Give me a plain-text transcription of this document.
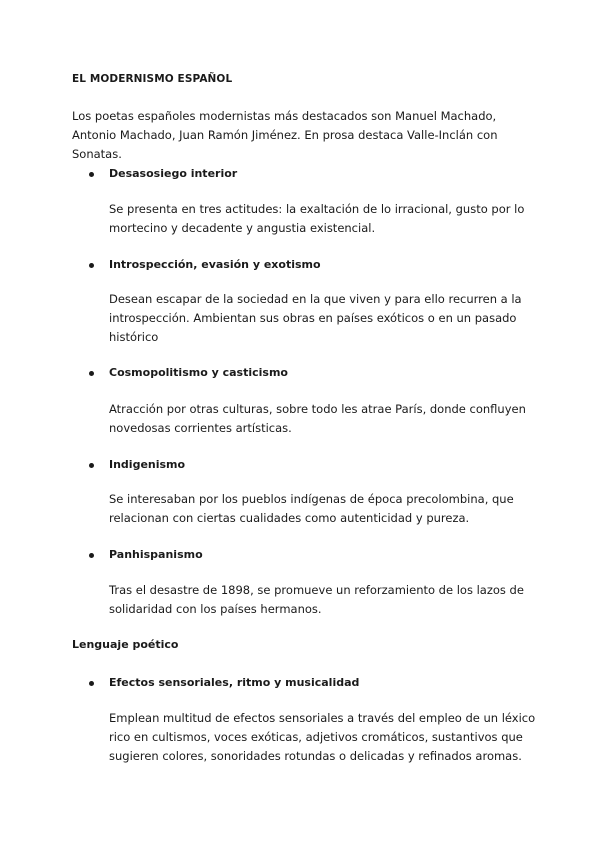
EL MODERNISMO ESPAÑOL
Los poetas españoles modernistas más destacados son Manuel Machado, Antonio Machado, Juan Ramón Jiménez. En prosa destaca Valle-Inclán con Sonatas.
Desasosiego interior
Se presenta en tres actitudes: la exaltación de lo irracional, gusto por lo mortecino y decadente y angustia existencial.
Introspección, evasión y exotismo
Desean escapar de la sociedad en la que viven y para ello recurren a la introspección. Ambientan sus obras en países exóticos o en un pasado histórico
Cosmopolitismo y casticismo
Atracción por otras culturas, sobre todo les atrae París, donde confluyen novedosas corrientes artísticas.
Indigenismo
Se interesaban por los pueblos indígenas de época precolombina, que relacionan con ciertas cualidades como autenticidad y pureza.
Panhispanismo
Tras el desastre de 1898, se promueve un reforzamiento de los lazos de solidaridad con los países hermanos.
Lenguaje poético
Efectos sensoriales, ritmo y musicalidad
Emplean multitud de efectos sensoriales a través del empleo de un léxico rico en cultismos, voces exóticas, adjetivos cromáticos, sustantivos que sugieren colores, sonoridades rotundas o delicadas y refinados aromas.
